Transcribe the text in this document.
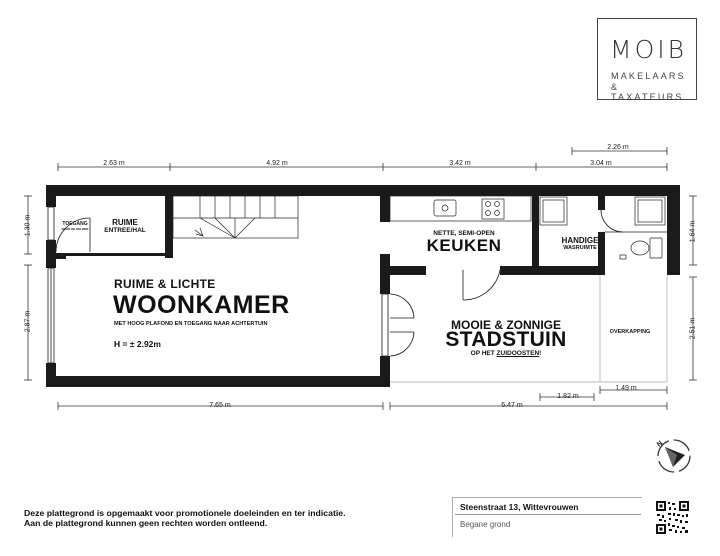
MOIB
MAKELAARS
& TAXATEURS
2.63 m	4.92 m	3.42 m	3.04 m
2.26 m
1.30 m
2.87 m
1.64 m
2.51 m
7.65 m	6.47 m
1.82 m
1.49 m
TOEGANG
NAAR DE KELDER
RUIME
ENTREE/HAL
RUIME & LICHTE
WOONKAMER
MET HOOG PLAFOND EN TOEGANG NAAR ACHTERTUIN
H = ± 2.92m
NETTE, SEMI-OPEN
KEUKEN	HANDIGE
WASRUIMTE
MOOIE & ZONNIGE
STADSTUIN
OP HET ZUIDOOSTEN!
OVERKAPPING
N
Deze plattegrond is opgemaakt voor promotionele doeleinden en ter indicatie.
Aan de plattegrond kunnen geen rechten worden ontleend.
Steenstraat 13, Wittevrouwen
Begane grond
